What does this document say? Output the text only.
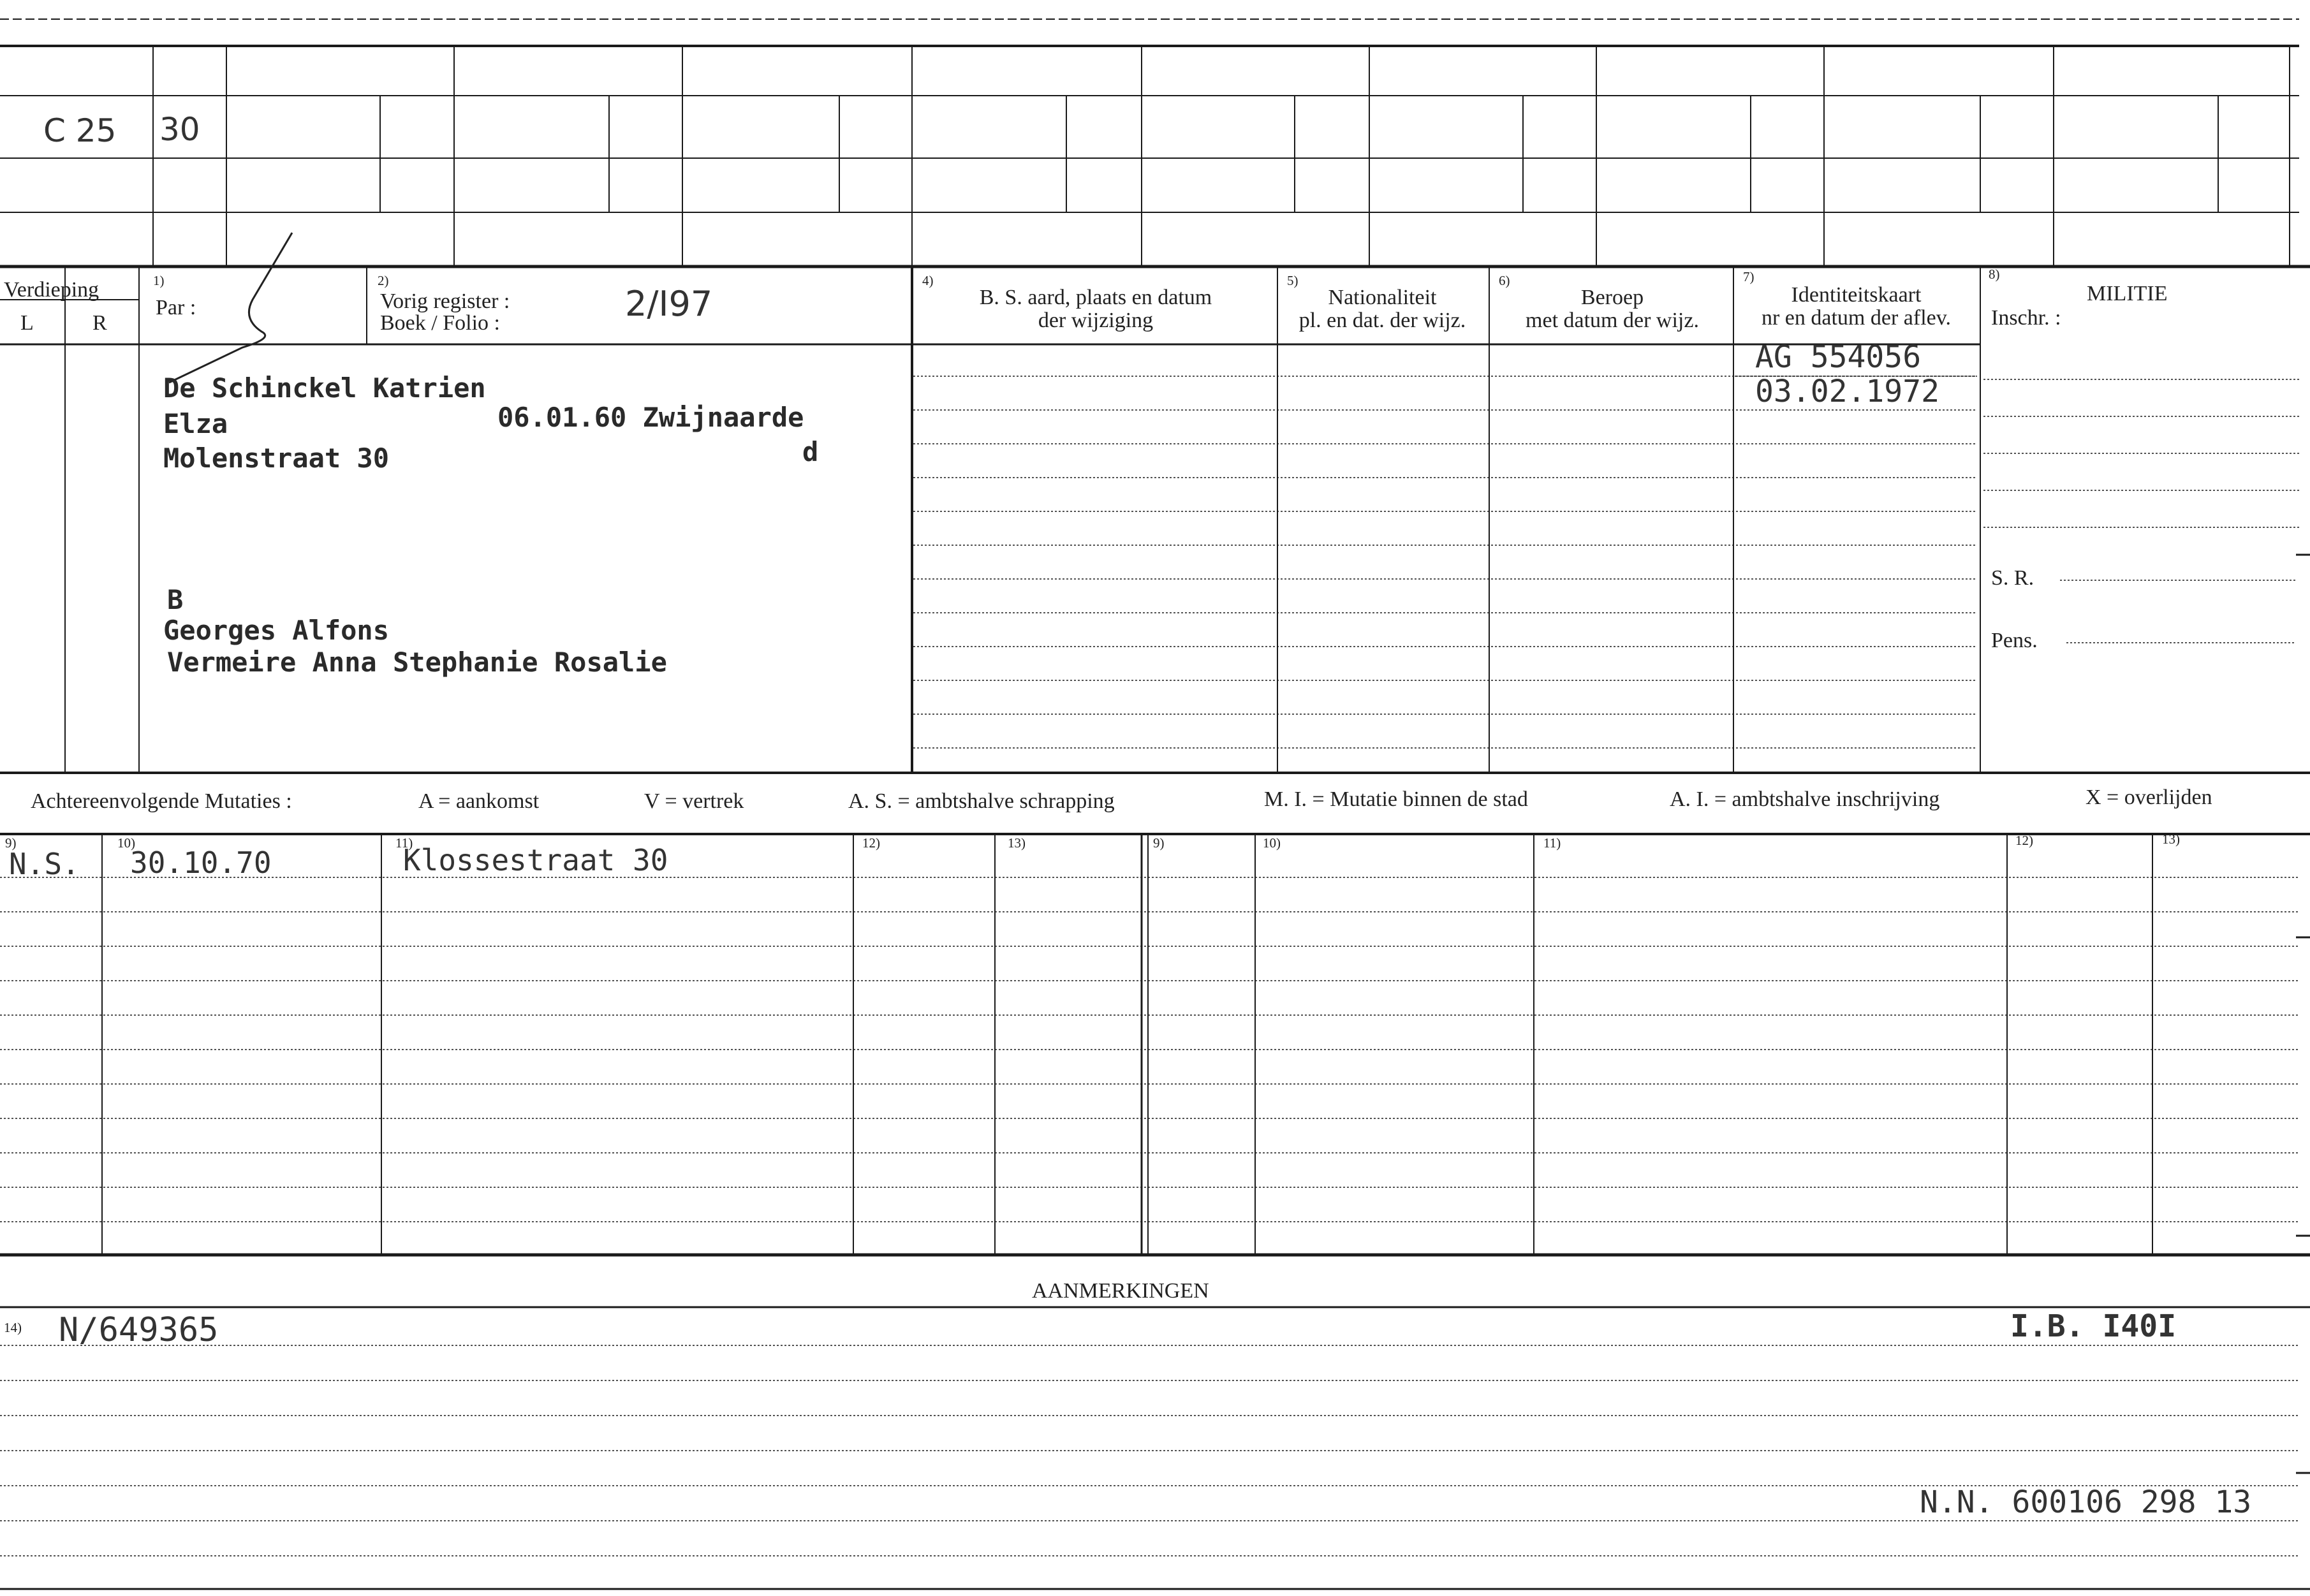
C 25 30
Verdieping
L	R
1)
Par :
2)
Vorig register :
Boek / Folio :	2/I97
4)
B. S. aard, plaats en datum
der wijziging
5)
Nationaliteit
pl. en dat. der wijz.
6)
Beroep
met datum der wijz.
7)
Identiteitskaart
nr en datum der aflev.
8)
MILITIE
Inschr. :
S. R.
Pens.
De Schinckel Katrien
Elza	06.01.60 Zwijnaarde
Molenstraat 30	d
B
Georges Alfons
Vermeire Anna Stephanie Rosalie
AG 554056
03.02.1972
Achtereenvolgende Mutaties :	A = aankomst	V = vertrek	A. S. = ambtshalve schrapping	M. I. = Mutatie binnen de stad	A. I. = ambtshalve inschrijving	X = overlijden
9)	10)	11)	12)	13)	9)	10)	11)	12)	13)
N.S. 30.10.70	Klossestraat 30
AANMERKINGEN
14) N/649365	I.B. I40I
N.N. 600106 298 13
